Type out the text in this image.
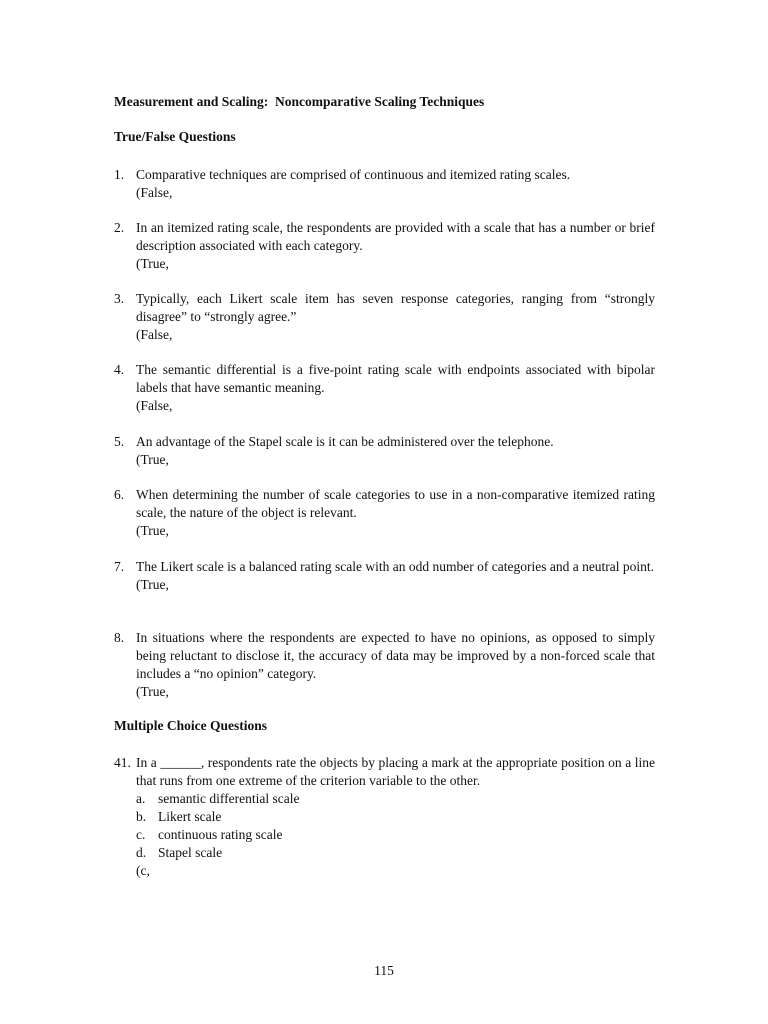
Measurement and Scaling:  Noncomparative Scaling Techniques
True/False Questions
1. Comparative techniques are comprised of continuous and itemized rating scales.
(False,
2. In an itemized rating scale, the respondents are provided with a scale that has a number or brief description associated with each category.
(True,
3. Typically, each Likert scale item has seven response categories, ranging from “strongly disagree” to “strongly agree.”
(False,
4. The semantic differential is a five-point rating scale with endpoints associated with bipolar labels that have semantic meaning.
(False,
5. An advantage of the Stapel scale is it can be administered over the telephone.
(True,
6. When determining the number of scale categories to use in a non-comparative itemized rating scale, the nature of the object is relevant.
(True,
7. The Likert scale is a balanced rating scale with an odd number of categories and a neutral point.
(True,
8. In situations where the respondents are expected to have no opinions, as opposed to simply being reluctant to disclose it, the accuracy of data may be improved by a non-forced scale that includes a “no opinion” category.
(True,
Multiple Choice Questions
41. In a ______, respondents rate the objects by placing a mark at the appropriate position on a line that runs from one extreme of the criterion variable to the other.
a. semantic differential scale
b. Likert scale
c. continuous rating scale
d. Stapel scale
(c,
115
